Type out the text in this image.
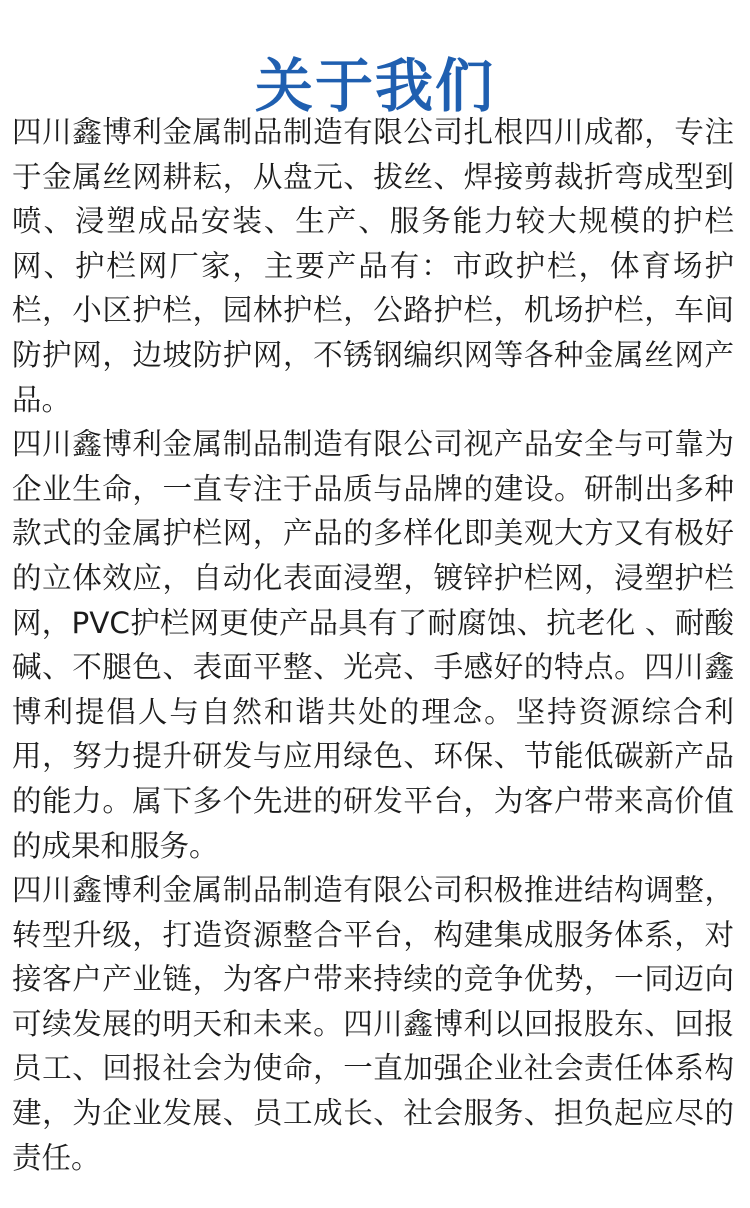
关于我们

四川鑫博利金属制品制造有限公司扎根四川成都，专注于金属丝网耕耘，从盘元、拔丝、焊接剪裁折弯成型到喷、浸塑成品安装、生产、服务能力较大规模的护栏网、护栏网厂家，主要产品有：市政护栏，体育场护栏，小区护栏，园林护栏，公路护栏，机场护栏，车间防护网，边坡防护网，不锈钢编织网等各种金属丝网产品。

四川鑫博利金属制品制造有限公司视产品安全与可靠为企业生命，一直专注于品质与品牌的建设。研制出多种款式的金属护栏网，产品的多样化即美观大方又有极好的立体效应，自动化表面浸塑，镀锌护栏网，浸塑护栏网，PVC护栏网更使产品具有了耐腐蚀、抗老化 、耐酸碱、不腿色、表面平整、光亮、手感好的特点。四川鑫博利提倡人与自然和谐共处的理念。坚持资源综合利用，努力提升研发与应用绿色、环保、节能低碳新产品的能力。属下多个先进的研发平台，为客户带来高价值的成果和服务。

四川鑫博利金属制品制造有限公司积极推进结构调整，转型升级，打造资源整合平台，构建集成服务体系，对接客户产业链，为客户带来持续的竞争优势，一同迈向可续发展的明天和未来。四川鑫博利以回报股东、回报员工、回报社会为使命，一直加强企业社会责任体系构建，为企业发展、员工成长、社会服务、担负起应尽的责任。
